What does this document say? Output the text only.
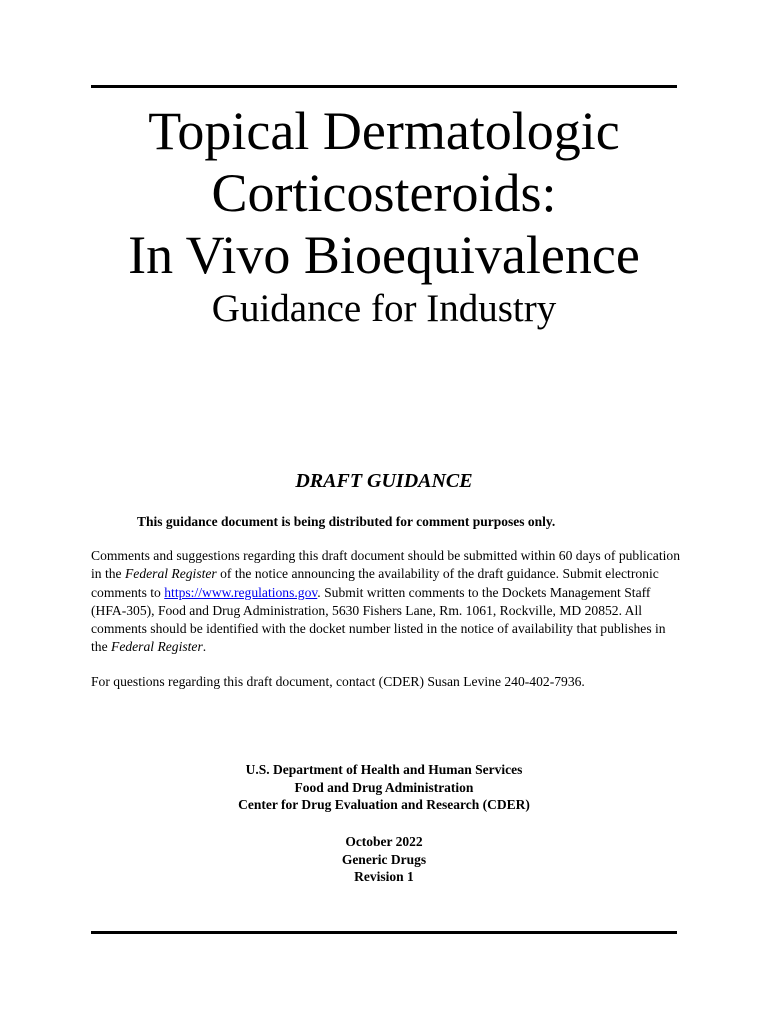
Topical Dermatologic
Corticosteroids:
In Vivo Bioequivalence
Guidance for Industry
DRAFT GUIDANCE
This guidance document is being distributed for comment purposes only.
Comments and suggestions regarding this draft document should be submitted within 60 days of publication in the Federal Register of the notice announcing the availability of the draft guidance. Submit electronic comments to https://www.regulations.gov. Submit written comments to the Dockets Management Staff (HFA-305), Food and Drug Administration, 5630 Fishers Lane, Rm. 1061, Rockville, MD 20852. All comments should be identified with the docket number listed in the notice of availability that publishes in the Federal Register.
For questions regarding this draft document, contact (CDER) Susan Levine 240-402-7936.
U.S. Department of Health and Human Services
Food and Drug Administration
Center for Drug Evaluation and Research (CDER)
October 2022
Generic Drugs
Revision 1
